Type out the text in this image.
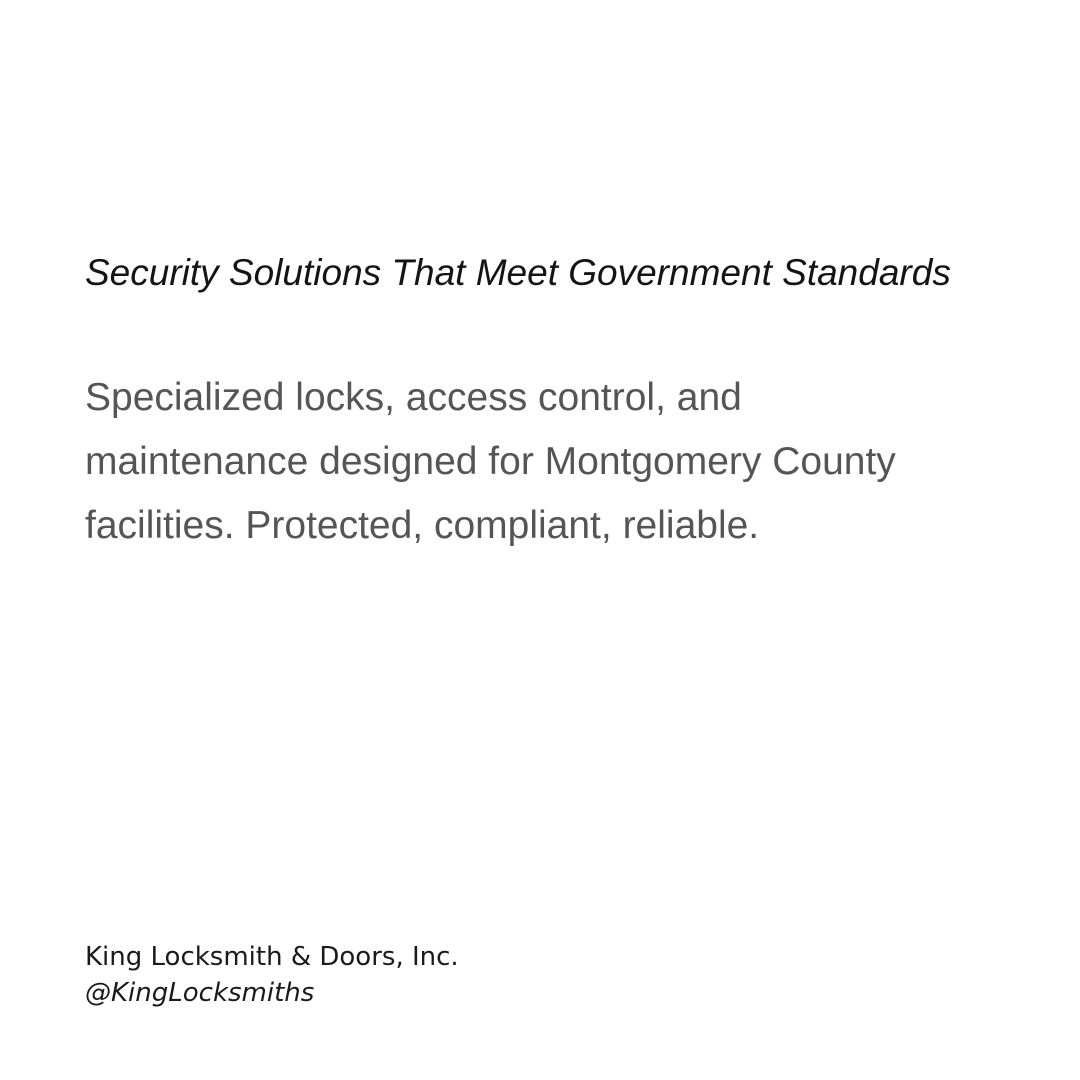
Security Solutions That Meet Government Standards

Specialized locks, access control, and maintenance designed for Montgomery County facilities. Protected, compliant, reliable.

King Locksmith & Doors, Inc.
@KingLocksmiths
